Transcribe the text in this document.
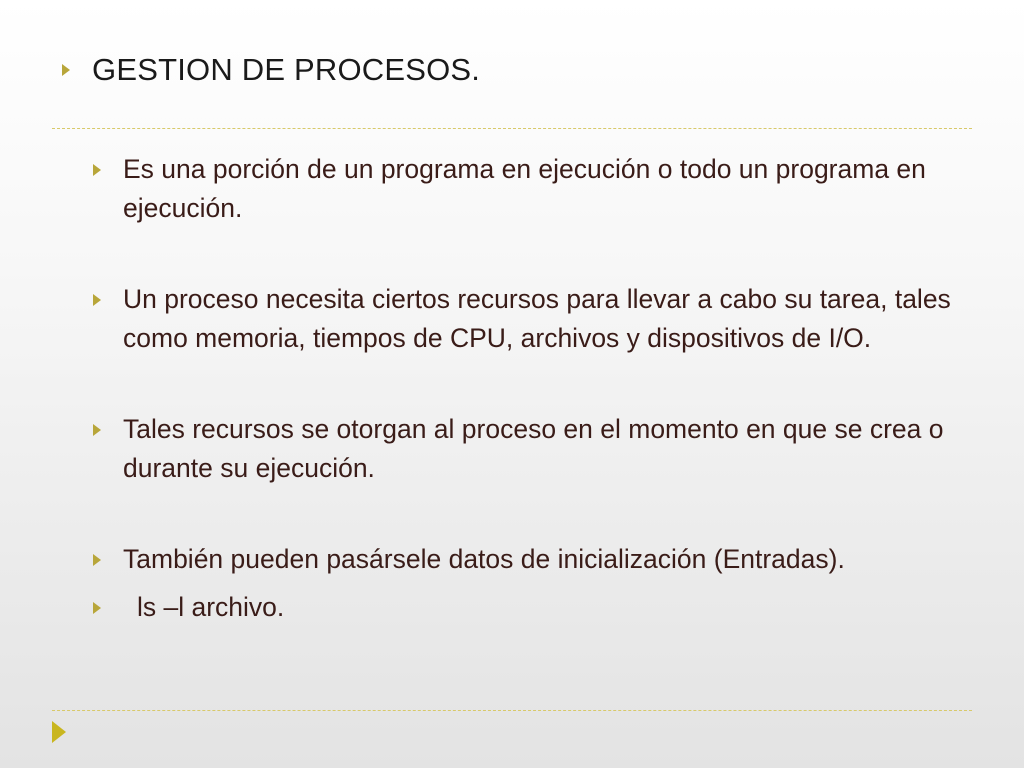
GESTION DE PROCESOS.
Es una porción de un programa en ejecución o todo un programa en ejecución.
Un proceso necesita ciertos recursos para llevar a cabo su tarea, tales como memoria, tiempos de CPU, archivos y dispositivos de I/O.
Tales recursos se otorgan al proceso en el momento en que se crea o durante su ejecución.
También pueden pasársele datos de inicialización (Entradas).
ls –l archivo.
